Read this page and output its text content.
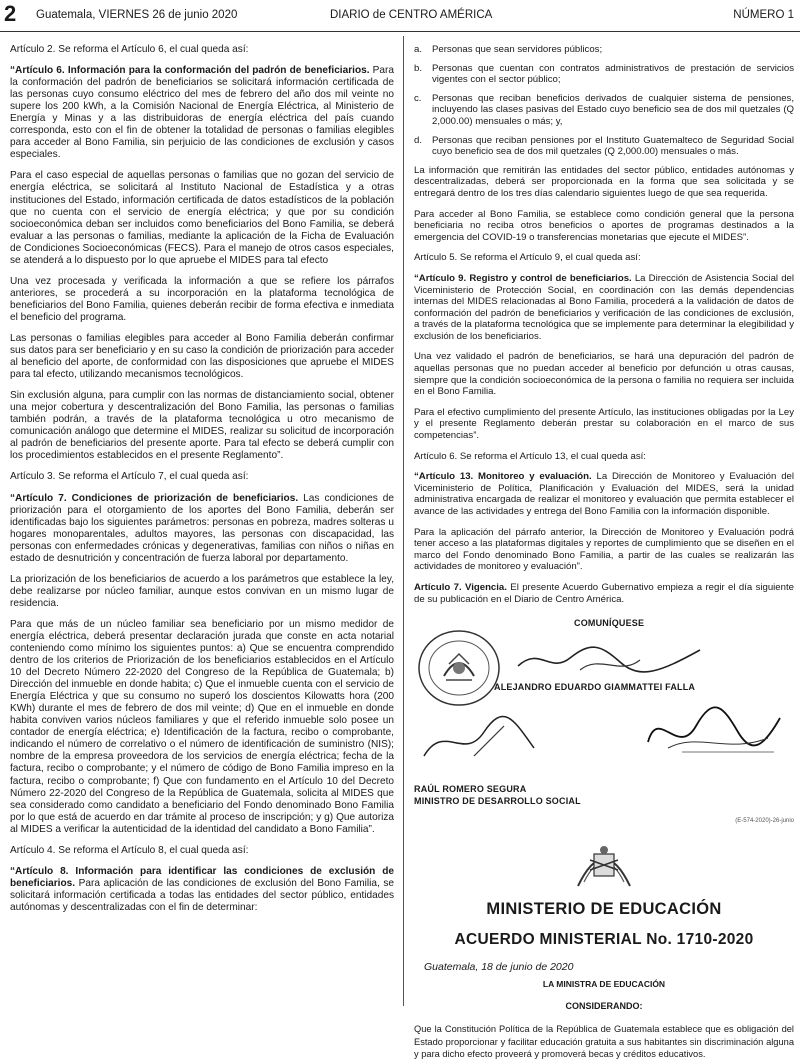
2 Guatemala, VIERNES 26 de junio 2020	DIARIO de CENTRO AMÉRICA	NÚMERO 1

Artículo 2. Se reforma el Artículo 6, el cual queda así:

“Artículo 6. Información para la conformación del padrón de beneficiarios. Para la conformación del padrón de beneficiarios se solicitará información certificada de las personas cuyo consumo eléctrico del mes de febrero del año dos mil veinte no supere los 200 kWh, a la Comisión Nacional de Energía Eléctrica, al Ministerio de Energía y Minas y a las distribuidoras de energía eléctrica del país cuando corresponda, esto con el fin de obtener la totalidad de personas o familias elegibles para acceder al Bono Familia, sin perjuicio de las condiciones de exclusión y casos especiales.

Para el caso especial de aquellas personas o familias que no gozan del servicio de energía eléctrica, se solicitará al Instituto Nacional de Estadística y a otras instituciones del Estado, información certificada de datos estadísticos de la población que no cuenta con el servicio de energía eléctrica; y que por su condición socioeconómica deban ser incluidos como beneficiarios del Bono Familia, se deberá evaluar a las personas o familias, mediante la aplicación de la Ficha de Evaluación de Condiciones Socioeconómicas (FECS). Para el manejo de otros casos especiales, se atenderá a lo dispuesto por lo que apruebe el MIDES para tal efecto

Una vez procesada y verificada la información a que se refiere los párrafos anteriores, se procederá a su incorporación en la plataforma tecnológica de beneficiarios del Bono Familia, quienes deberán recibir de forma efectiva e inmediata el beneficio del programa.

Las personas o familias elegibles para acceder al Bono Familia deberán confirmar sus datos para ser beneficiario y en su caso la condición de priorización para acceder al beneficio del aporte, de conformidad con las disposiciones que apruebe el MIDES para tal efecto, utilizando mecanismos tecnológicos.

Sin exclusión alguna, para cumplir con las normas de distanciamiento social, obtener una mejor cobertura y descentralización del Bono Familia, las personas o familias también podrán, a través de la plataforma tecnológica u otro mecanismo de comunicación análogo que determine el MIDES, realizar su solicitud de incorporación al padrón de beneficiarios del presente aporte. Para tal efecto se deberá cumplir con los procedimientos establecidos en el presente Reglamento”.

Artículo 3. Se reforma el Artículo 7, el cual queda así:

“Artículo 7. Condiciones de priorización de beneficiarios. Las condiciones de priorización para el otorgamiento de los aportes del Bono Familia, deberán ser identificadas bajo los siguientes parámetros: personas en pobreza, madres solteras u hogares monoparentales, adultos mayores, las personas con discapacidad, las personas con enfermedades crónicas y degenerativas, familias con niños o niñas en estado de desnutrición y concentración de fuerza laboral por departamento.

La priorización de los beneficiarios de acuerdo a los parámetros que establece la ley, debe realizarse por núcleo familiar, aunque estos convivan en un mismo lugar de residencia.

Para que más de un núcleo familiar sea beneficiario por un mismo medidor de energía eléctrica, deberá presentar declaración jurada que conste en acta notarial conteniendo como mínimo los siguientes puntos: a) Que se encuentra comprendido dentro de los criterios de Priorización de los beneficiarios establecidos en el Artículo 10 del Decreto Número 22-2020 del Congreso de la República de Guatemala; b) Dirección del inmueble en donde habita; c) Que el inmueble cuenta con el servicio de Energía Eléctrica y que su consumo no superó los doscientos Kilowatts hora (200 KWh) durante el mes de febrero de dos mil veinte; d) Que en el inmueble en donde habita conviven varios núcleos familiares y que el referido inmueble solo posee un contador de energía eléctrica; e) Identificación de la factura, recibo o comprobante, indicando el número de correlativo o el número de identificación de suministro (NIS); nombre de la empresa proveedora de los servicios de energía eléctrica; fecha de la factura, recibo o comprobante; y el número de código de Bono Familia impreso en la factura, recibo o comprobante; f) Que con fundamento en el Artículo 10 del Decreto Número 22-2020 del Congreso de la República de Guatemala, solicita al MIDES que sea considerado como candidato a beneficiario del Fondo denominado Bono Familia por lo que está de acuerdo en dar trámite al proceso de inscripción; y g) Que autoriza al MIDES a verificar la autenticidad de la identidad del candidato a Bono Familia”.

Artículo 4. Se reforma el Artículo 8, el cual queda así:

“Artículo 8. Información para identificar las condiciones de exclusión de beneficiarios. Para aplicación de las condiciones de exclusión del Bono Familia, se solicitará información certificada a todas las entidades del sector público, entidades autónomas y descentralizadas con el fin de determinar:

a.	Personas que sean servidores públicos;
b.	Personas que cuentan con contratos administrativos de prestación de servicios vigentes con el sector público;
c.	Personas que reciban beneficios derivados de cualquier sistema de pensiones, incluyendo las clases pasivas del Estado cuyo beneficio sea de dos mil quetzales (Q 2,000.00) mensuales o más; y,
d.	Personas que reciban pensiones por el Instituto Guatemalteco de Seguridad Social cuyo beneficio sea de dos mil quetzales (Q 2,000.00) mensuales o más.

La información que remitirán las entidades del sector público, entidades autónomas y descentralizadas, deberá ser proporcionada en la forma que sea solicitada y se entregará dentro de los tres días calendario siguientes luego de que sea requerida.

Para acceder al Bono Familia, se establece como condición general que la persona beneficiaria no reciba otros beneficios o aportes de programas destinados a la emergencia del COVID-19 o transferencias monetarias que ejecute el MIDES”.

Artículo 5. Se reforma el Artículo 9, el cual queda así:

“Artículo 9. Registro y control de beneficiarios. La Dirección de Asistencia Social del Viceministerio de Protección Social, en coordinación con las demás dependencias internas del MIDES relacionadas al Bono Familia, procederá a la validación de datos de conformación del padrón de beneficiarios y verificación de las condiciones de exclusión, a través de la plataforma tecnológica que se implemente para determinar la elegibilidad y exclusión de los beneficiarios.

Una vez validado el padrón de beneficiarios, se hará una depuración del padrón de aquellas personas que no puedan acceder al beneficio por defunción u otras causas, siempre que la condición socioeconómica de la persona o familia no requiera ser incluida en el Bono Familia.

Para el efectivo cumplimiento del presente Artículo, las instituciones obligadas por la Ley y el presente Reglamento deberán prestar su colaboración en el marco de sus competencias”.

Artículo 6. Se reforma el Artículo 13, el cual queda así:

“Artículo 13. Monitoreo y evaluación. La Dirección de Monitoreo y Evaluación del Viceministerio de Política, Planificación y Evaluación del MIDES, será la unidad administrativa encargada de realizar el monitoreo y evaluación que permita establecer el avance de las actividades y entrega del Bono Familia con la información disponible.

Para la aplicación del párrafo anterior, la Dirección de Monitoreo y Evaluación podrá tener acceso a las plataformas digitales y reportes de cumplimiento que se diseñen en el marco del Fondo denominado Bono Familia, a partir de las cuales se realizarán las actividades de monitoreo y evaluación”.

Artículo 7. Vigencia. El presente Acuerdo Gubernativo empieza a regir el día siguiente de su publicación en el Diario de Centro América.

COMUNÍQUESE
ALEJANDRO EDUARDO GIAMMATTEI FALLA
RAÚL ROMERO SEGURA
MINISTRO DE DESARROLLO SOCIAL
(E-574-2020)-26-junio
MINISTERIO DE EDUCACIÓN
ACUERDO MINISTERIAL No. 1710-2020
Guatemala, 18 de junio de 2020
LA MINISTRA DE EDUCACIÓN
CONSIDERANDO:
Que la Constitución Política de la República de Guatemala establece que es obligación del Estado proporcionar y facilitar educación gratuita a sus habitantes sin discriminación alguna y para dicho efecto proveerá y promoverá becas y créditos educativos.
